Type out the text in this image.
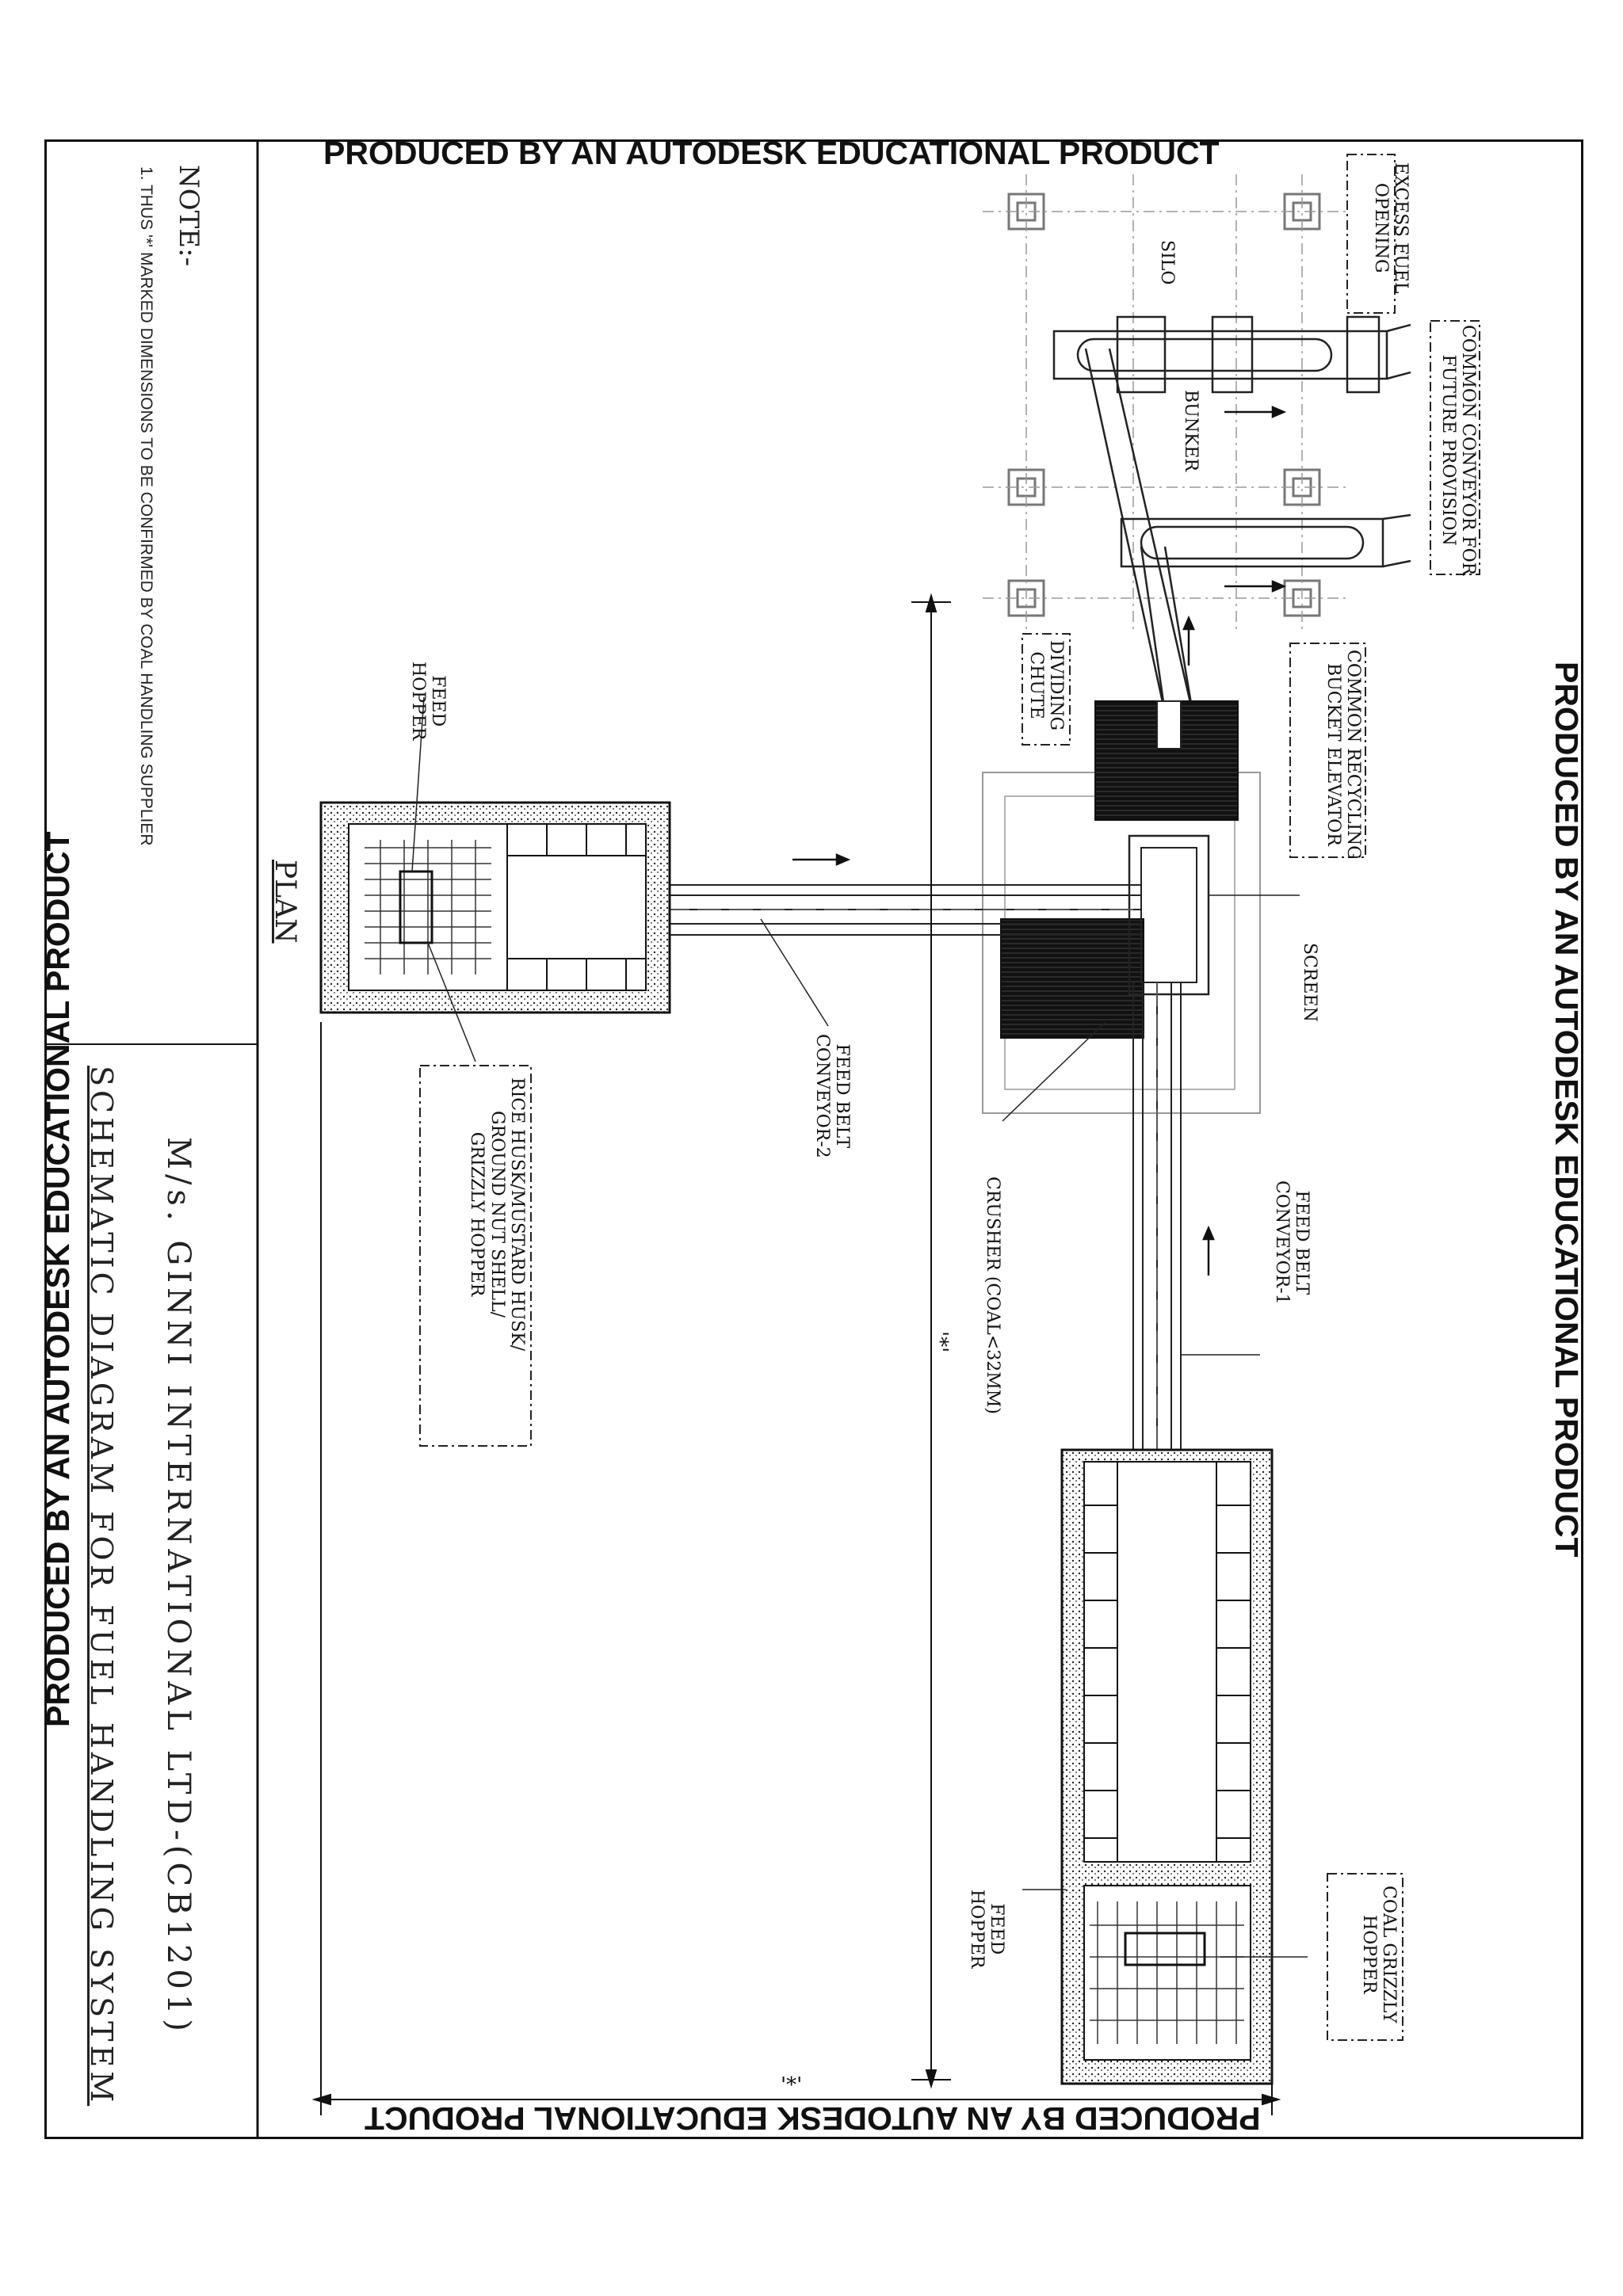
PRODUCED BY AN AUTODESK EDUCATIONAL PRODUCT
PRODUCED BY AN AUTODESK EDUCATIONAL PRODUCT
PRODUCED BY AN AUTODESK EDUCATIONAL PRODUCT	PRODUCED BY AN AUTODESK EDUCATIONAL PRODUCT
NOTE:-
1. THUS '*' MARKED DIMENSIONS TO BE CONFIRMED BY COAL HANDLING SUPPLIER
M/s. GINNI INTERNATIONAL LTD-(CB1201)
SCHEMATIC DIAGRAM FOR FUEL HANDLING SYSTEM
PLAN
EXCESS FUEL
OPENING
SILO
COMMON CONVEYOR FOR
FUTURE PROVISION
BUNKER
DIVIDING
CHUTE	COMMON RECYCLING
BUCKET ELEVATOR
SCREEN
FEED
HOPPER
RICE HUSK/MUSTARD HUSK/
GROUND NUT SHELL/
GRIZZLY HOPPER
FEED BELT
CONVEYOR-2
CRUSHER (COAL<32MM)	FEED BELT
CONVEYOR-1
'*'
'*'
FEED
HOPPER	COAL GRIZZLY
HOPPER
